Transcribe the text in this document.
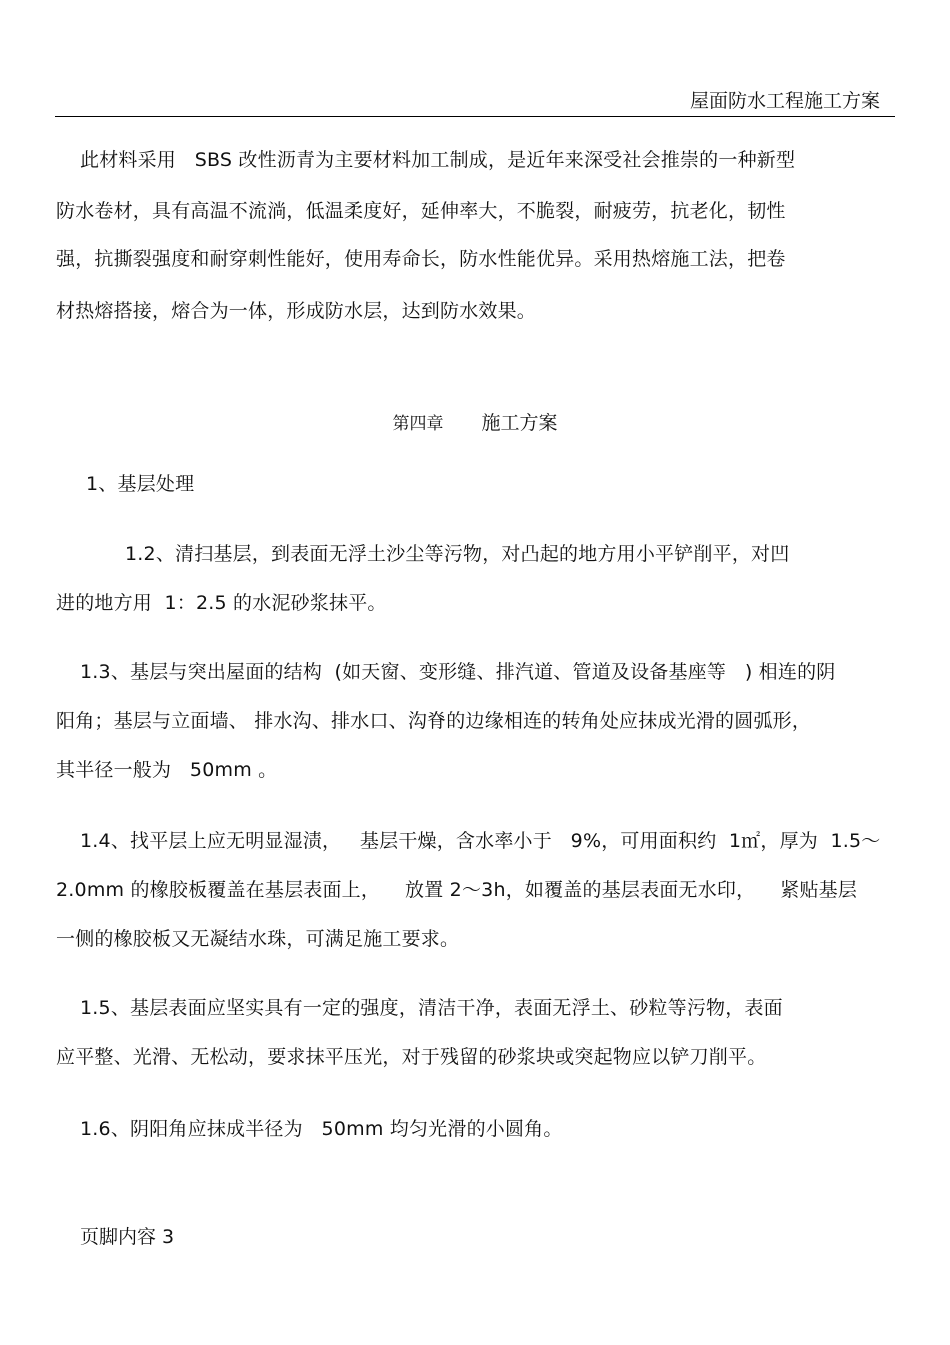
屋面防水工程施工方案
此材料采用   SBS 改性沥青为主要材料加工制成，是近年来深受社会推崇的一种新型
防水卷材，具有高温不流淌，低温柔度好，延伸率大，不脆裂，耐疲劳，抗老化，韧性
强，抗撕裂强度和耐穿刺性能好，使用寿命长，防水性能优异。采用热熔施工法，把卷
材热熔搭接，熔合为一体，形成防水层，达到防水效果。
第四章 施工方案
1、基层处理
1.2、清扫基层，到表面无浮土沙尘等污物，对凸起的地方用小平铲削平，对凹
进的地方用  1：2.5 的水泥砂浆抹平。
1.3、基层与突出屋面的结构  (如天窗、变形缝、排汽道、管道及设备基座等   ) 相连的阴
阳角；基层与立面墙、 排水沟、排水口、沟脊的边缘相连的转角处应抹成光滑的圆弧形，
其半径一般为   50mm 。
1.4、找平层上应无明显湿渍，   基层干燥，含水率小于   9%，可用面积约  1㎡，厚为  1.5～
2.0mm 的橡胶板覆盖在基层表面上，    放置 2～3h，如覆盖的基层表面无水印，    紧贴基层
一侧的橡胶板又无凝结水珠，可满足施工要求。
1.5、基层表面应坚实具有一定的强度，清洁干净，表面无浮土、砂粒等污物，表面
应平整、光滑、无松动，要求抹平压光，对于残留的砂浆块或突起物应以铲刀削平。
1.6、阴阳角应抹成半径为   50mm 均匀光滑的小圆角。
页脚内容 3
